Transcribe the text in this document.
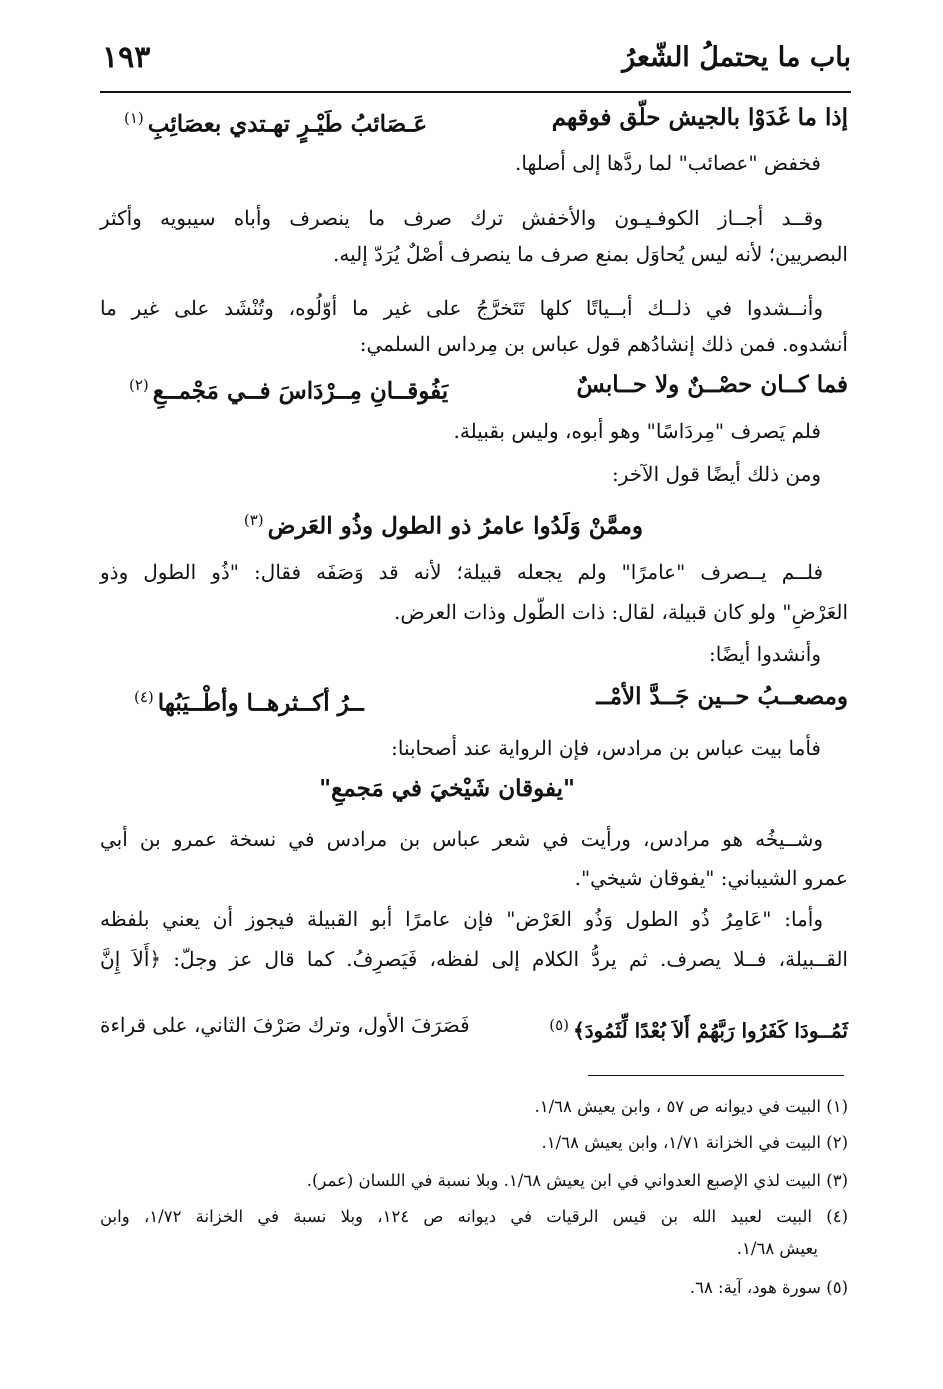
باب ما يحتملُ الشّعرُ
١٩٣
إذا ما غَدَوْا بالجيش حلّق فوقهم
عَـصَائبُ طَيْـرٍ تهـتدي بعصَائِبِ$^{(١)}$
فخفض "عصائب" لما ردَّها إلى أصلها.
وقــد أجــاز الكوفـيـون والأخفش ترك صرف ما ينصرف وأباه سيبويه وأكثر
البصريين؛ لأنه ليس يُحاوَل بمنع صرف ما ينصرف أصْلٌ يُرَدّ إليه.
وأنــشدوا في ذلــك أبــياتًا كلها تَتَخرَّجُ على غير ما أوّلُوه، وتُنْشَد على غير ما
أنشدوه. فمن ذلك إنشادُهم قول عباس بن مِرداس السلمي:
فما كــان حصْــنٌ ولا حــابسٌ
يَفُوقــانِ مِــرْدَاسَ فــي مَجْمــعِ$^{(٢)}$
فلم يَصرف "مِردَاسًا" وهو أبوه، وليس بقبيلة.
ومن ذلك أيضًا قول الآخر:
وممَّنْ وَلَدُوا عامرُ ذو الطول وذُو العَرض$^{(٣)}$
فلــم يــصرف "عامرًا" ولم يجعله قبيلة؛ لأنه قد وَصَفَه فقال: "ذُو الطول وذو
العَرْضِ" ولو كان قبيلة، لقال: ذات الطّول وذات العرض.
وأنشدوا أيضًا:
ومصعــبُ حــين جَــدَّ الأمْــ
ــرُ أكــثرهــا وأطْــيَبُها$^{(٤)}$
فأما بيت عباس بن مرادس، فإن الرواية عند أصحابنا:
"يفوقان شَيْخيَ في مَجمعِ"
وشــيخُه هو مرادس، ورأيت في شعر عباس بن مرادس في نسخة عمرو بن أبي
عمرو الشيباني: "يفوقان شيخي".
وأما: "عَامِرُ ذُو الطول وَذُو العَرْض" فإن عامرًا أبو القبيلة فيجوز أن يعني بلفظه
القــبيلة، فــلا يصرف. ثم يردُّ الكلام إلى لفظه، فَيَصرِفُ. كما قال عز وجلّ: ﴿أَلاَ إِنَّ
ثَمُــودَا كَفَرُوا رَبَّهُمْ أَلاَ بُعْدًا لِّثَمُودَ﴾$^{(٥)}$
فَصَرَفَ الأول، وترك صَرْفَ الثاني، على قراءة
(١) البيت في ديوانه ص ٥٧ ، وابن يعيش ١/٦٨.
(٢) البيت في الخزانة ١/٧١، وابن يعيش ١/٦٨.
(٣) البيت لذي الإصبع العدواني في ابن يعيش ١/٦٨. وبلا نسبة في اللسان (عمر).
(٤) البيت لعبيد الله بن قيس الرقيات في ديوانه ص ١٢٤، وبلا نسبة في الخزانة ١/٧٢، وابن
يعيش ١/٦٨.
(٥) سورة هود، آية: ٦٨.
